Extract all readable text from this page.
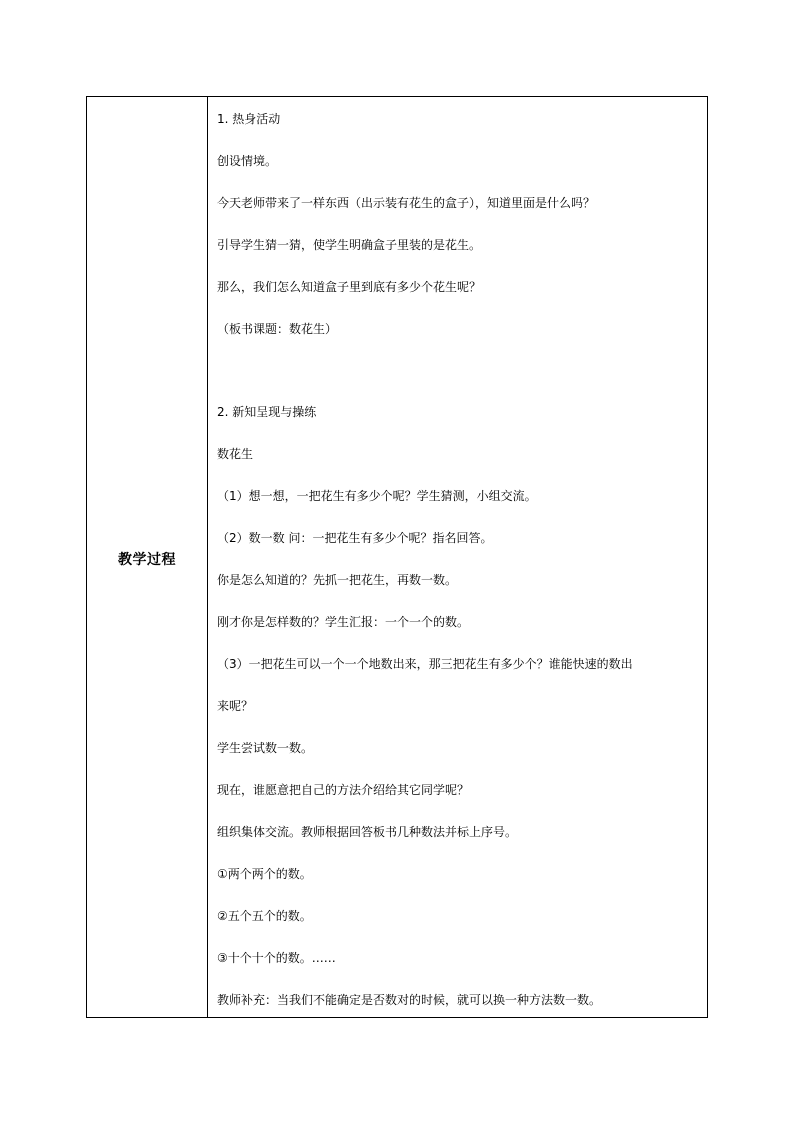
教学过程
1. 热身活动
创设情境。
今天老师带来了一样东西（出示装有花生的盒子），知道里面是什么吗？
引导学生猜一猜，使学生明确盒子里装的是花生。
那么，我们怎么知道盒子里到底有多少个花生呢？
（板书课题：数花生）
2. 新知呈现与操练
数花生
（1）想一想，一把花生有多少个呢？学生猜测，小组交流。
（2）数一数 问：一把花生有多少个呢？指名回答。
你是怎么知道的？先抓一把花生，再数一数。
刚才你是怎样数的？学生汇报：一个一个的数。
（3）一把花生可以一个一个地数出来，那三把花生有多少个？谁能快速的数出
来呢？
学生尝试数一数。
现在，谁愿意把自己的方法介绍给其它同学呢？
组织集体交流。教师根据回答板书几种数法并标上序号。
①两个两个的数。
②五个五个的数。
③十个十个的数。……
教师补充：当我们不能确定是否数对的时候，就可以换一种方法数一数。
